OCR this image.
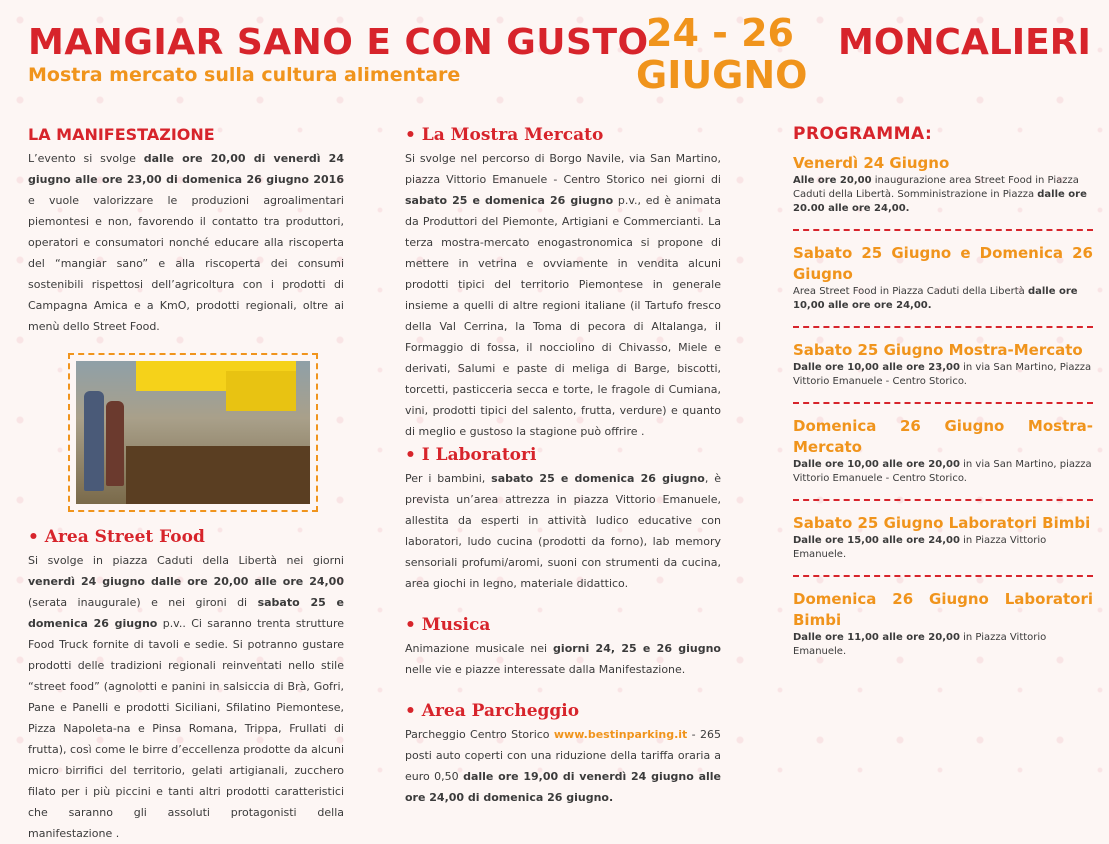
MANGIAR SANO E CON GUSTO
Mostra mercato sulla cultura alimentare
24 - 26
GIUGNO
MONCALIERI
LA MANIFESTAZIONE

L’evento si svolge dalle ore 20,00 di venerdì 24 giugno alle ore 23,00 di domenica 26 giugno 2016 e vuole valorizzare le produzioni agroalimentari piemontesi e non, favorendo il contatto tra produttori, operatori e consumatori nonché educare alla riscoperta del “mangiar sano” e alla riscoperta dei consumi sostenibili rispettosi dell’agricoltura con i prodotti di Campagna Amica e a KmO, prodotti regionali, oltre ai menù dello Street Food.

• Area Street Food

Si svolge in piazza Caduti della Libertà nei giorni venerdì 24 giugno dalle ore 20,00 alle ore 24,00 (serata inaugurale) e nei gironi di sabato 25 e domenica 26 giugno p.v.. Ci saranno trenta strutture Food Truck fornite di tavoli e sedie. Si potranno gustare prodotti delle tradizioni regionali reinventati nello stile “street food” (agnolotti e panini in salsiccia di Brà, Gofri, Pane e Panelli e prodotti Siciliani, Sfilatino Piemontese, Pizza Napoleta-na e Pinsa Romana, Trippa, Frullati di frutta), così come le birre d’eccellenza prodotte da alcuni micro birrifici del territorio, gelati artigianali, zucchero filato per i più piccini e tanti altri prodotti caratteristici che saranno gli assoluti protagonisti della manifestazione .

• La Mostra Mercato

Si svolge nel percorso di Borgo Navile, via San Martino, piazza Vittorio Emanuele - Centro Storico nei giorni di sabato 25 e domenica 26 giugno p.v., ed è animata da Produttori del Piemonte, Artigiani e Commercianti. La terza mostra-mercato enogastronomica si propone di mettere in vetrina e ovviamente in vendita alcuni prodotti tipici del territorio Piemontese in generale insieme a quelli di altre regioni italiane (il Tartufo fresco della Val Cerrina, la Toma di pecora di Altalanga, il Formaggio di fossa, il nocciolino di Chivasso, Miele e derivati, Salumi e paste di meliga di Barge, biscotti, torcetti, pasticceria secca e torte, le fragole di Cumiana, vini, prodotti tipici del salento, frutta, verdure) e quanto di meglio e gustoso la stagione può offrire .

• I Laboratori

Per i bambini, sabato 25 e domenica 26 giugno, è prevista un’area attrezza in piazza Vittorio Emanuele, allestita da esperti in attività ludico educative con laboratori, ludo cucina (prodotti da forno), lab memory sensoriali profumi/aromi, suoni con strumenti da cucina, area giochi in legno, materiale didattico.

• Musica

Animazione musicale nei giorni 24, 25 e 26 giugno nelle vie e piazze interessate dalla Manifestazione.

• Area Parcheggio

Parcheggio Centro Storico www.bestinparking.it - 265 posti auto coperti con una riduzione della tariffa oraria a euro 0,50 dalle ore 19,00 di venerdì 24 giugno alle ore 24,00 di domenica 26 giugno.

PROGRAMMA:
Venerdì 24 Giugno
Alle ore 20,00 inaugurazione area Street Food in Piazza Caduti della Libertà. Somministrazione in Piazza dalle ore 20.00 alle ore 24,00.
Sabato 25 Giugno e Domenica 26 Giugno
Area Street Food in Piazza Caduti della Libertà dalle ore 10,00 alle ore ore 24,00.
Sabato 25 Giugno Mostra-Mercato
Dalle ore 10,00 alle ore 23,00 in via San Martino, Piazza Vittorio Emanuele - Centro Storico.
Domenica 26 Giugno Mostra-Mercato
Dalle ore 10,00 alle ore 20,00 in via San Martino, piazza Vittorio Emanuele - Centro Storico.
Sabato 25 Giugno Laboratori Bimbi
Dalle ore 15,00 alle ore 24,00 in Piazza Vittorio Emanuele.
Domenica 26 Giugno Laboratori Bimbi
Dalle ore 11,00 alle ore 20,00 in Piazza Vittorio Emanuele.
